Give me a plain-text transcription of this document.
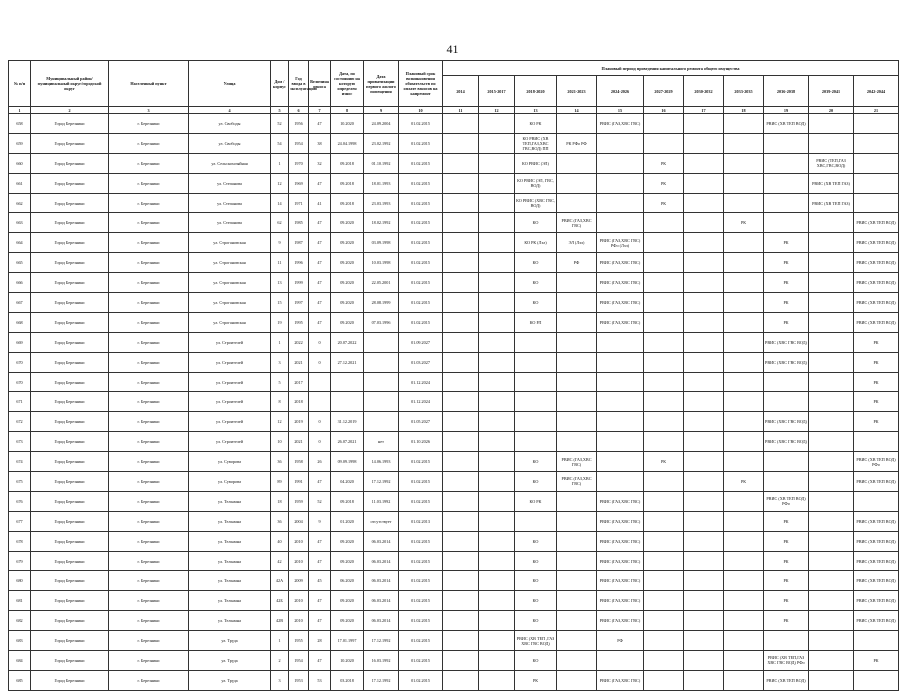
41
№ п/п	Муниципальный район/ муниципальный округ/городской округ	Населенный пункт	Улица	Дом / корпус	Год ввода в эксплуатацию	Величина износа	Дата, по состоянию на которую определен износ	Дата приватизации первого жилого помещения	Плановый срок возникновения обязательств по оплате взносов на капремонт	Плановый период проведения капитального ремонта общего имущества										
										2014	2015-2017	2018-2020	2021-2023	2024-2026	2027-2029	2030-2032	2033-2035	2036-2038	2039-2041	2042-2044
1	2	3	4	5	6	7	8	9	10	11	12	13	14	15	16	17	18	19	20	21
658	Город Березники	г. Березники	ул. Свободы	52	1956	47	10.2020	24.09.2004	01.02.2015			КО РК		РВИС (ГАЗ,ХВС ГВС)				РВИС (ХВ ТЕП ВОД)		
659	Город Березники	г. Березники	ул. Свободы	54	1954	38	24.04.1998	23.02.1992	01.02.2015			КО РВИС (ХВ ТЕП,ГАЗ,ХВС ГВС,ВОД) ПП	РК РФо РФ							
660	Город Березники	г. Березники	ул. Сельскохозяйная	1	1970	32	09.2018	01.10.1992	01.02.2015			КО РВИС (ЭЛ)			РК				РВИС (ТЕП,ГАЗ ХВС,ГВС,ВОД)	
661	Город Березники	г. Березники	ул. Степанова	12	1969	47	09.2018	18.01.1993	01.02.2015			КО РВИС (ЭЛ, ГВС, ВОД)			РК				РВИС (ХВ ТЕП ГАЗ)	
662	Город Березники	г. Березники	ул. Степанова	14	1971	41	09.2018	23.03.1993	01.02.2015			КО РВИС (ХВС ГВС, ВОД)			РК				РВИС (ХВ ТЕП ГАЗ)	
663	Город Березники	г. Березники	ул. Степанова	62	1985	47	09.2020	18.02.1992	01.02.2015			КО	РВИС (ГАЗ,ХВС ГВС)				РК			РВИС (ХВ ТЕП ВОД)
664	Город Березники	г. Березники	ул. Строгановская	9	1987	47	09.2020	03.09.1998	01.02.2015			КО РК (Лэл)	ЭЛ (Лэл)	РВИС (ГАЗ,ХВС ГВС) РФо (Лэл)				РК		РВИС (ХВ ТЕП ВОД)
665	Город Березники	г. Березники	ул. Строгановская	11	1996	47	09.2020	10.03.1998	01.02.2015			КО	РФ	РВИС (ГАЗ,ХВС ГВС)				РК		РВИС (ХВ ТЕП ВОД)
666	Город Березники	г. Березники	ул. Строгановская	13	1999	47	09.2020	22.05.2001	01.02.2015			КО		РВИС (ГАЗ,ХВС ГВС)				РК		РВИС (ХВ ТЕП ВОД)
667	Город Березники	г. Березники	ул. Строгановская	15	1997	47	09.2020	28.08.1999	01.02.2015			КО		РВИС (ГАЗ,ХВС ГВС)				РК		РВИС (ХВ ТЕП ВОД)
668	Город Березники	г. Березники	ул. Строгановская	19	1995	47	09.2020	07.03.1996	01.02.2015			КО РЛ		РВИС (ГАЗ,ХВС ГВС)				РК		РВИС (ХВ ТЕП ВОД)
669	Город Березники	г. Березники	ул. Строителей	1	2022	0	20.07.2022		01.09.2027									РВИС (ХВС ГВС ВОД)		РК
670	Город Березники	г. Березники	ул. Строителей	3	2021	0	27.12.2021		01.03.2027									РВИС (ХВС ГВС ВОД)		РК
670	Город Березники	г. Березники	ул. Строителей	5	2017				01.12.2024											РК
671	Город Березники	г. Березники	ул. Строителей	8	2018				01.12.2024											РК
672	Город Березники	г. Березники	ул. Строителей	12	2019	0	31.12.2019		01.05.2027									РВИС (ХВС ГВС ВОД)		РК
673	Город Березники	г. Березники	ул. Строителей	10	2021	0	26.07.2021	нет	01.10.2026									РВИС (ХВС ГВС ВОД)		
674	Город Березники	г. Березники	ул. Суворова	36	1958	26	09.09.1998	14.06.1993	01.02.2015			КО	РВИС (ГАЗ,ХВС ГВС)		РК					РВИС (ХВ ТЕП ВОД) РФо
675	Город Березники	г. Березники	ул. Суворова	89	1991	47	04.2020	17.12.1992	01.02.2015			КО	РВИС (ГАЗ,ХВС ГВС)				РК			РВИС (ХВ ТЕП ВОД)
676	Город Березники	г. Березники	ул. Тельмана	18	1959	52	09.2018	11.03.1992	01.02.2015			КО РК		РВИС (ГАЗ,ХВС ГВС)				РВИС (ХВ ТЕП ВОД) РФо		
677	Город Березники	г. Березники	ул. Тельмана	36	2004	9	01.2020	отсутствует	01.02.2013					РВИС (ГАЗ,ХВС ГВС)				РК		РВИС (ХВ ТЕП ВОД)
678	Город Березники	г. Березники	ул. Тельмана	40	2010	47	09.2020	06.03.2014	01.02.2015			КО		РВИС (ГАЗ,ХВС ГВС)				РК		РВИС (ХВ ТЕП ВОД)
679	Город Березники	г. Березники	ул. Тельмана	42	2010	47	09.2020	06.03.2014	01.02.2015			КО		РВИС (ГАЗ,ХВС ГВС)				РК		РВИС (ХВ ТЕП ВОД)
680	Город Березники	г. Березники	ул. Тельмана	42А	2009	45	06.2020	06.03.2014	01.02.2015			КО		РВИС (ГАЗ,ХВС ГВС)				РК		РВИС (ХВ ТЕП ВОД)
681	Город Березники	г. Березники	ул. Тельмана	42Б	2010	47	09.2020	06.03.2014	01.02.2015			КО		РВИС (ГАЗ,ХВС ГВС)				РК		РВИС (ХВ ТЕП ВОД)
682	Город Березники	г. Березники	ул. Тельмана	42В	2010	47	09.2020	06.03.2014	01.02.2015			КО		РВИС (ГАЗ,ХВС ГВС)				РК		РВИС (ХВ ТЕП ВОД)
683	Город Березники	г. Березники	ул. Труда	1	1955	28	17.01.1997	17.12.1992	01.02.2015			РВИС (ХВ ТЕП ,ГАЗ ХВС ГВС ВОД)		РФ						
684	Город Березники	г. Березники	ул. Труда	2	1954	47	10.2020	16.03.1992	01.02.2015			КО						РВИС (ХВ ТЕП,ГАЗ ХВС ГВС ВОД) РФо		РК
685	Город Березники	г. Березники	ул. Труда	3	1953	53	03.2018	17.12.1992	01.02.2015			РК		РВИС (ГАЗ,ХВС ГВС)				РВИС (ХВ ТЕП ВОД)		
